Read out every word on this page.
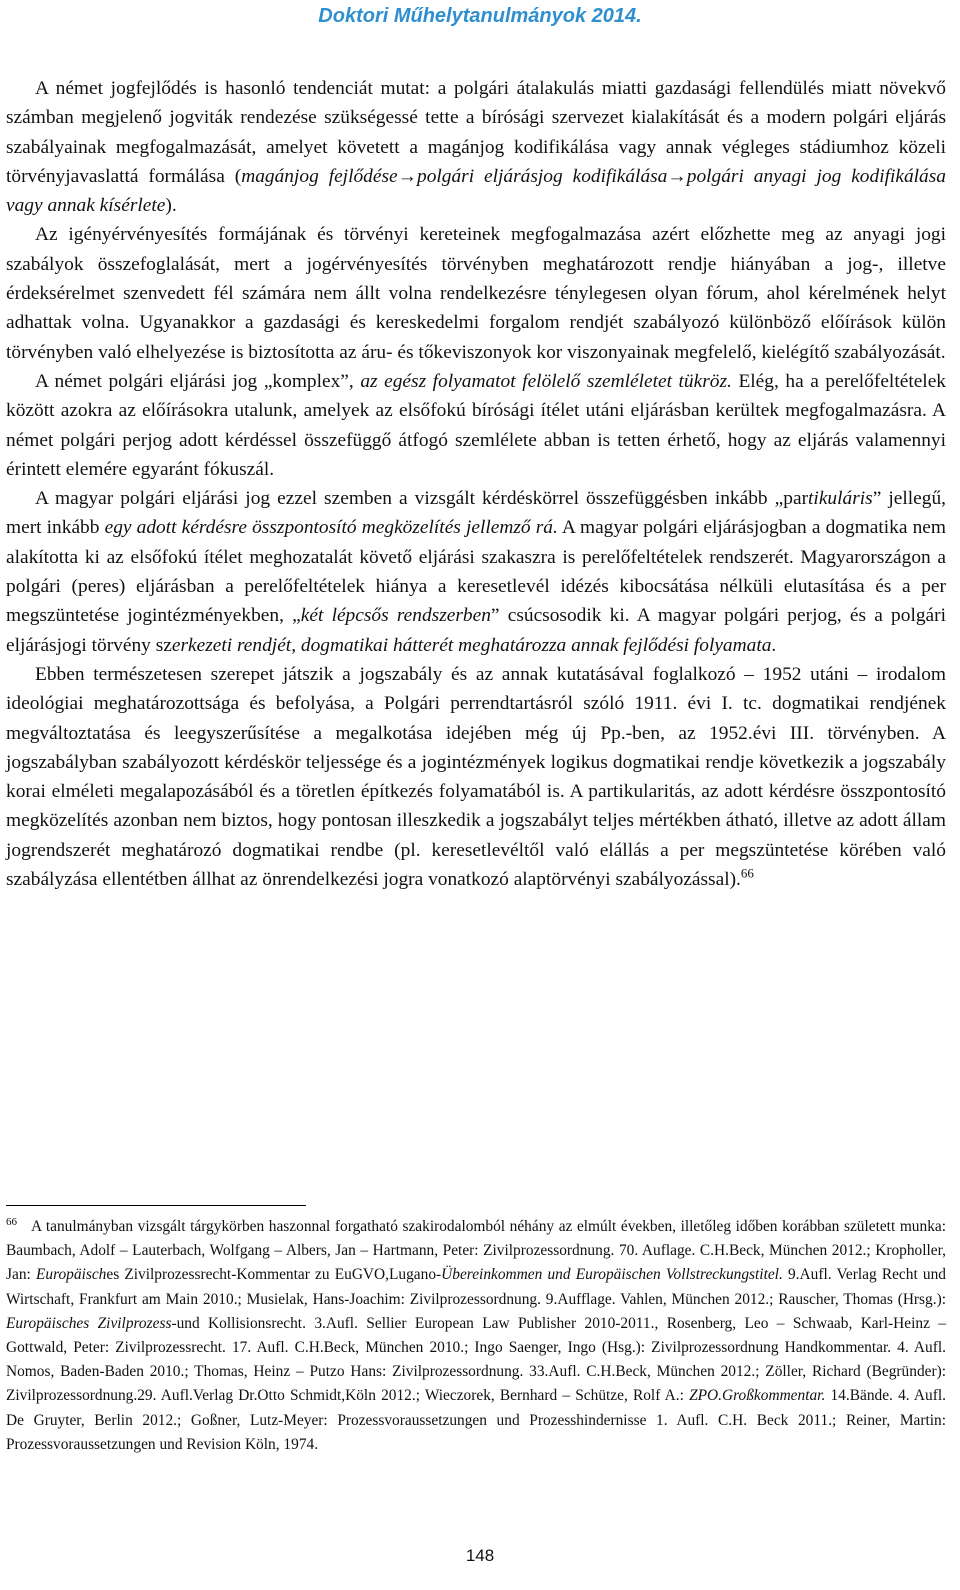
Doktori Műhelytanulmányok 2014.

A német jogfejlődés is hasonló tendenciát mutat: a polgári átalakulás miatti gazdasági fellendülés miatt növekvő számban megjelenő jogviták rendezése szükségessé tette a bírósági szervezet kialakítását és a modern polgári eljárás szabályainak megfogalmazását, amelyet követett a magánjog kodifikálása vagy annak végleges stádiumhoz közeli törvényjavaslattá formálása (magánjog fejlődése→polgári eljárásjog kodifikálása→polgári anyagi jog kodifikálása vagy annak kísérlete).

Az igényérvényesítés formájának és törvényi kereteinek megfogalmazása azért előzhette meg az anyagi jogi szabályok összefoglalását, mert a jogérvényesítés törvényben meghatározott rendje hiányában a jog-, illetve érdeksérelmet szenvedett fél számára nem állt volna rendelkezésre ténylegesen olyan fórum, ahol kérelmének helyt adhattak volna. Ugyanakkor a gazdasági és kereskedelmi forgalom rendjét szabályozó különböző előírások külön törvényben való elhelyezése is biztosította az áru- és tőkeviszonyok kor viszonyainak megfelelő, kielégítő szabályozását.

A német polgári eljárási jog „komplex”, az egész folyamatot felölelő szemléletet tükröz. Elég, ha a perelőfeltételek között azokra az előírásokra utalunk, amelyek az elsőfokú bírósági ítélet utáni eljárásban kerültek megfogalmazásra. A német polgári perjog adott kérdéssel összefüggő átfogó szemlélete abban is tetten érhető, hogy az eljárás valamennyi érintett elemére egyaránt fókuszál.

A magyar polgári eljárási jog ezzel szemben a vizsgált kérdéskörrel összefüggésben inkább „partikuláris” jellegű, mert inkább egy adott kérdésre összpontosító megközelítés jellemző rá. A magyar polgári eljárásjogban a dogmatika nem alakította ki az elsőfokú ítélet meghozatalát követő eljárási szakaszra is perelőfeltételek rendszerét. Magyarországon a polgári (peres) eljárásban a perelőfeltételek hiánya a keresetlevél idézés kibocsátása nélküli elutasítása és a per megszüntetése jogintézményekben, „két lépcsős rendszerben” csúcsosodik ki. A magyar polgári perjog, és a polgári eljárásjogi törvény szerkezeti rendjét, dogmatikai hátterét meghatározza annak fejlődési folyamata.

Ebben természetesen szerepet játszik a jogszabály és az annak kutatásával foglalkozó – 1952 utáni – irodalom ideológiai meghatározottsága és befolyása, a Polgári perrendtartásról szóló 1911. évi I. tc. dogmatikai rendjének megváltoztatása és leegyszerűsítése a megalkotása idejében még új Pp.-ben, az 1952.évi III. törvényben. A jogszabályban szabályozott kérdéskör teljessége és a jogintézmények logikus dogmatikai rendje következik a jogszabály korai elméleti megalapozásából és a töretlen építkezés folyamatából is. A partikularitás, az adott kérdésre összpontosító megközelítés azonban nem biztos, hogy pontosan illeszkedik a jogszabályt teljes mértékben átható, illetve az adott állam jogrendszerét meghatározó dogmatikai rendbe (pl. keresetlevéltől való elállás a per megszüntetése körében való szabályzása ellentétben állhat az önrendelkezési jogra vonatkozó alaptörvényi szabályozással).$^{66}$

$^{66}$ A tanulmányban vizsgált tárgykörben haszonnal forgatható szakirodalomból néhány az elmúlt években, illetőleg időben korábban született munka: Baumbach, Adolf – Lauterbach, Wolfgang – Albers, Jan – Hartmann, Peter: Zivilprozessordnung. 70. Auflage. C.H.Beck, München 2012.; Kropholler, Jan: Europäisches Zivilprozessrecht-Kommentar zu EuGVO,Lugano-Übereinkommen und Europäischen Vollstreckungstitel. 9.Aufl. Verlag Recht und Wirtschaft, Frankfurt am Main 2010.; Musielak, Hans-Joachim: Zivilprozessordnung. 9.Aufflage. Vahlen, München 2012.; Rauscher, Thomas (Hrsg.): Europäisches Zivilprozess-und Kollisionsrecht. 3.Aufl. Sellier European Law Publisher 2010-2011., Rosenberg, Leo – Schwaab, Karl-Heinz – Gottwald, Peter: Zivilprozessrecht. 17. Aufl. C.H.Beck, München 2010.; Ingo Saenger, Ingo (Hsg.): Zivilprozessordnung Handkommentar. 4. Aufl. Nomos, Baden-Baden 2010.; Thomas, Heinz – Putzo Hans: Zivilprozessordnung. 33.Aufl. C.H.Beck, München 2012.; Zöller, Richard (Begründer): Zivilprozessordnung.29. Aufl.Verlag Dr.Otto Schmidt,Köln 2012.; Wieczorek, Bernhard – Schütze, Rolf A.: ZPO.Großkommentar. 14.Bände. 4. Aufl. De Gruyter, Berlin 2012.; Goßner, Lutz-Meyer: Prozessvoraussetzungen und Prozesshindernisse 1. Aufl. C.H. Beck 2011.; Reiner, Martin: Prozessvoraussetzungen und Revision Köln, 1974.

148
